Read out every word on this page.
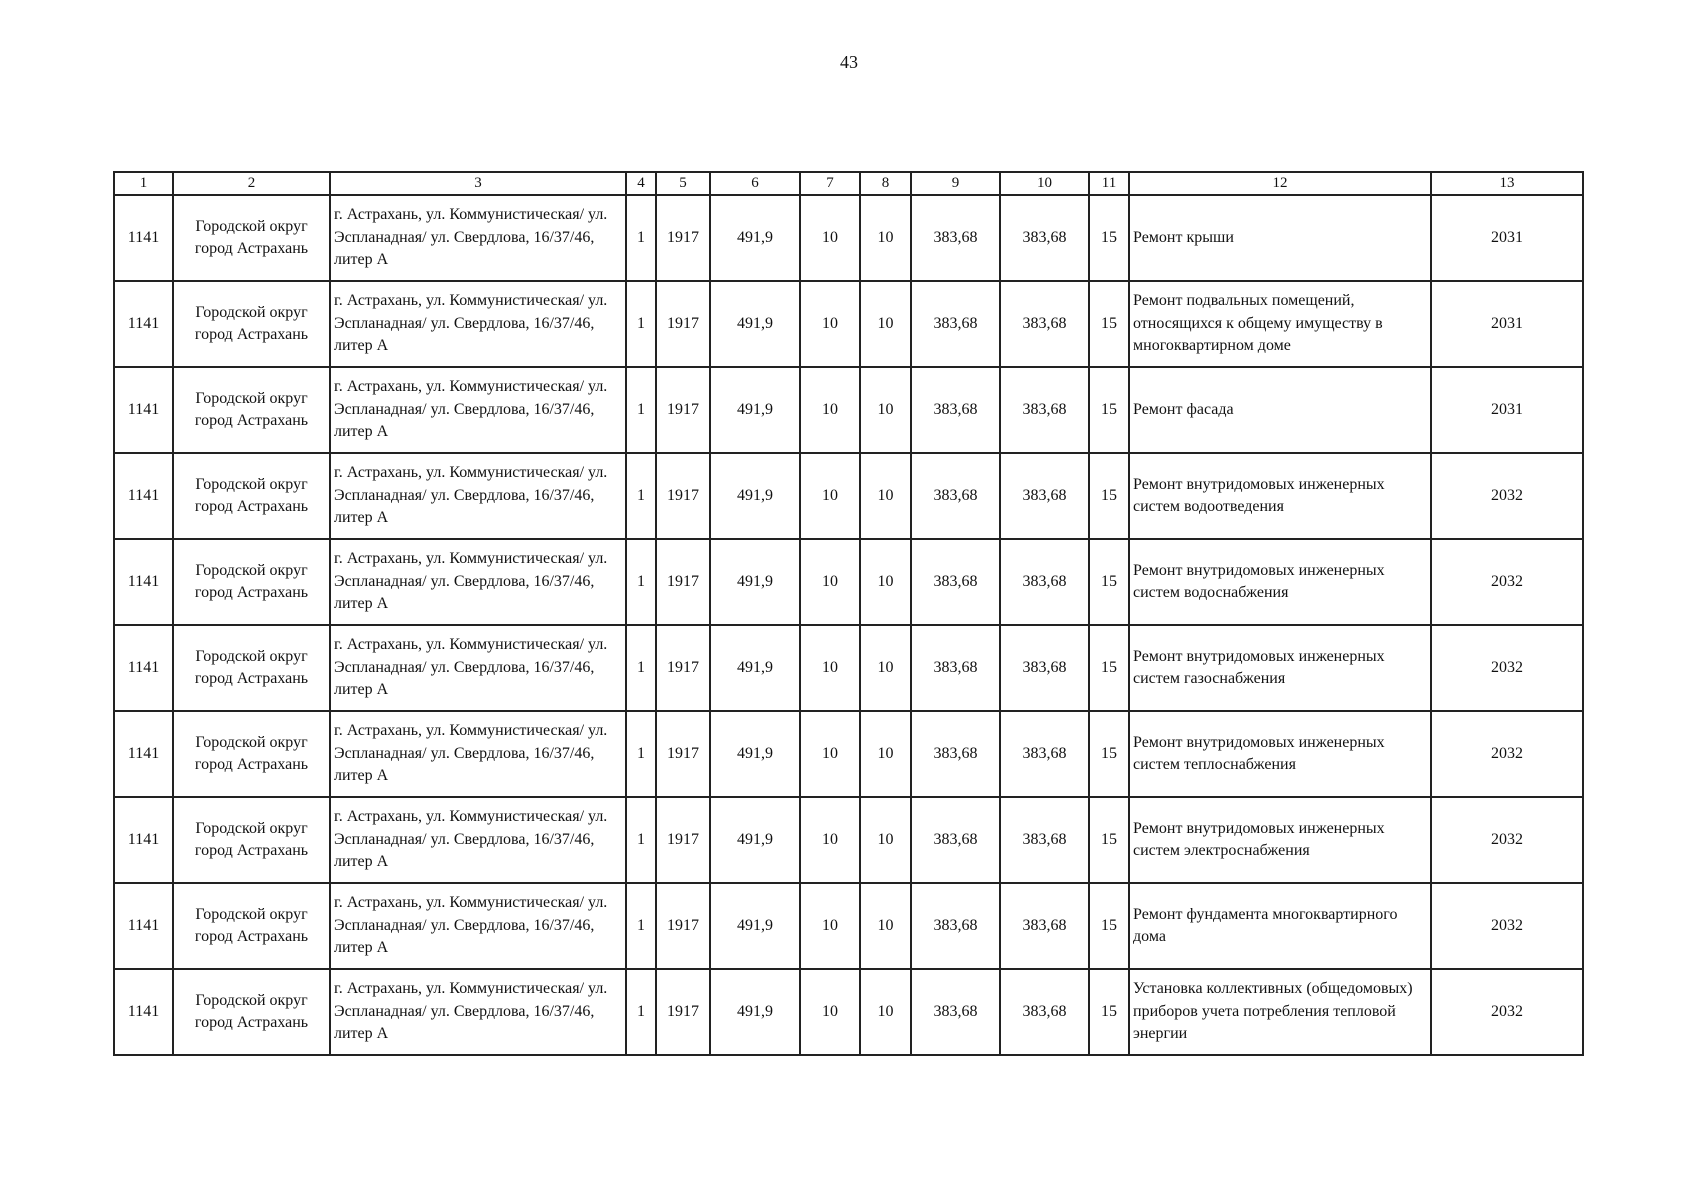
43
1	2	3	4	5	6	7	8	9	10	11	12	13
1141	Городской округ город Астрахань	г. Астрахань, ул. Коммунистическая/ ул. Эспланадная/ ул. Свердлова, 16/37/46, литер А	1	1917	491,9	10	10	383,68	383,68	15	Ремонт крыши	2031
1141	Городской округ город Астрахань	г. Астрахань, ул. Коммунистическая/ ул. Эспланадная/ ул. Свердлова, 16/37/46, литер А	1	1917	491,9	10	10	383,68	383,68	15	Ремонт подвальных помещений, относящихся к общему имуществу в многоквартирном доме	2031
1141	Городской округ город Астрахань	г. Астрахань, ул. Коммунистическая/ ул. Эспланадная/ ул. Свердлова, 16/37/46, литер А	1	1917	491,9	10	10	383,68	383,68	15	Ремонт фасада	2031
1141	Городской округ город Астрахань	г. Астрахань, ул. Коммунистическая/ ул. Эспланадная/ ул. Свердлова, 16/37/46, литер А	1	1917	491,9	10	10	383,68	383,68	15	Ремонт внутридомовых инженерных систем водоотведения	2032
1141	Городской округ город Астрахань	г. Астрахань, ул. Коммунистическая/ ул. Эспланадная/ ул. Свердлова, 16/37/46, литер А	1	1917	491,9	10	10	383,68	383,68	15	Ремонт внутридомовых инженерных систем водоснабжения	2032
1141	Городской округ город Астрахань	г. Астрахань, ул. Коммунистическая/ ул. Эспланадная/ ул. Свердлова, 16/37/46, литер А	1	1917	491,9	10	10	383,68	383,68	15	Ремонт внутридомовых инженерных систем газоснабжения	2032
1141	Городской округ город Астрахань	г. Астрахань, ул. Коммунистическая/ ул. Эспланадная/ ул. Свердлова, 16/37/46, литер А	1	1917	491,9	10	10	383,68	383,68	15	Ремонт внутридомовых инженерных систем теплоснабжения	2032
1141	Городской округ город Астрахань	г. Астрахань, ул. Коммунистическая/ ул. Эспланадная/ ул. Свердлова, 16/37/46, литер А	1	1917	491,9	10	10	383,68	383,68	15	Ремонт внутридомовых инженерных систем электроснабжения	2032
1141	Городской округ город Астрахань	г. Астрахань, ул. Коммунистическая/ ул. Эспланадная/ ул. Свердлова, 16/37/46, литер А	1	1917	491,9	10	10	383,68	383,68	15	Ремонт фундамента многоквартирного дома	2032
1141	Городской округ город Астрахань	г. Астрахань, ул. Коммунистическая/ ул. Эспланадная/ ул. Свердлова, 16/37/46, литер А	1	1917	491,9	10	10	383,68	383,68	15	Установка коллективных (общедомовых) приборов учета потребления тепловой энергии	2032
